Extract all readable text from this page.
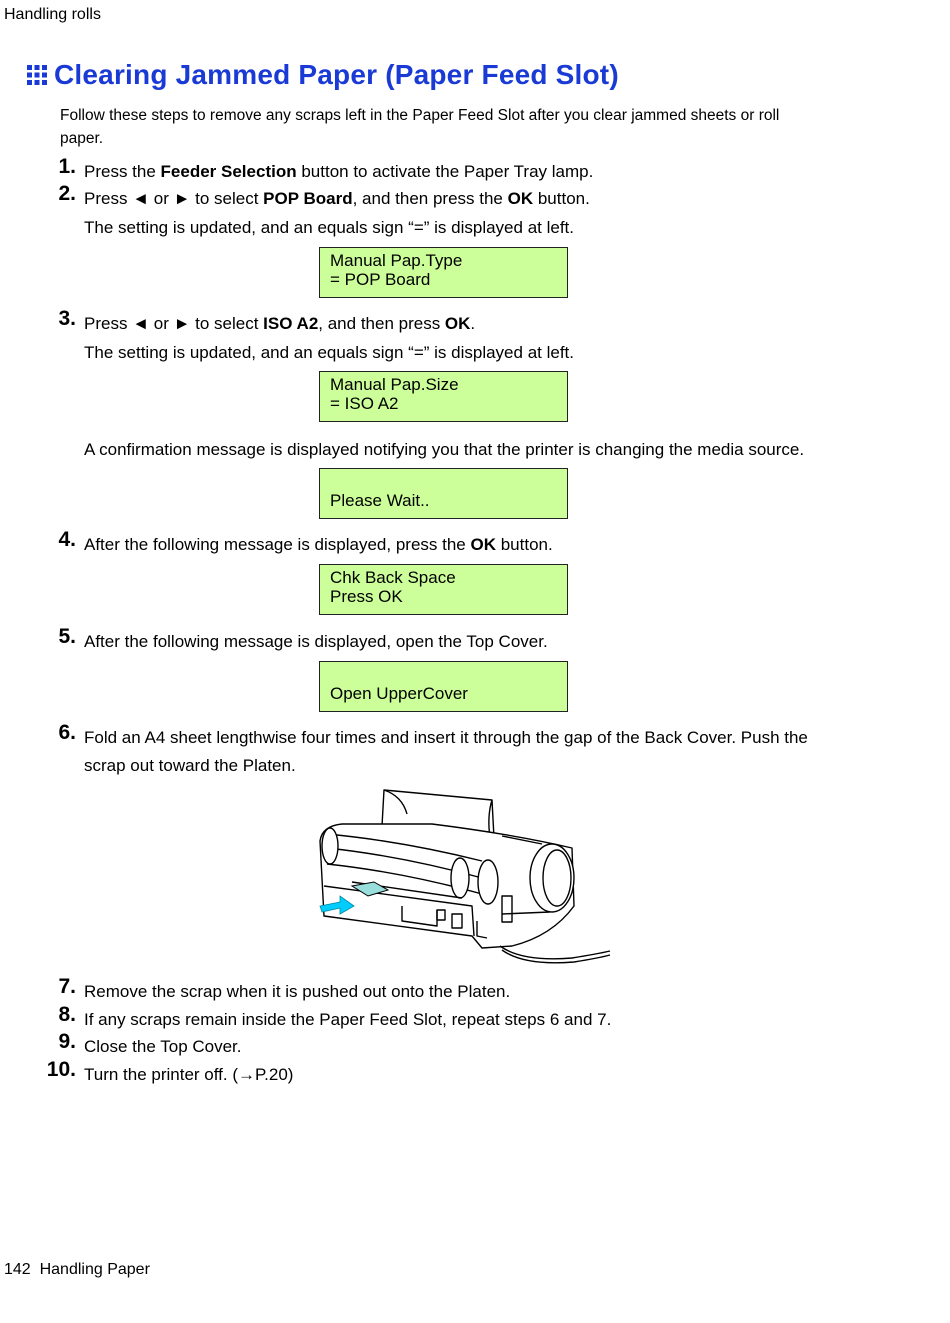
Handling rolls
Clearing Jammed Paper (Paper Feed Slot)
Follow these steps to remove any scraps left in the Paper Feed Slot after you clear jammed sheets or roll paper.
1. Press the Feeder Selection button to activate the Paper Tray lamp.
2. Press ◄ or ► to select POP Board, and then press the OK button.
The setting is updated, and an equals sign “=” is displayed at left.
Manual Pap.Type
= POP Board
3. Press ◄ or ► to select ISO A2, and then press OK.
The setting is updated, and an equals sign “=” is displayed at left.
Manual Pap.Size
= ISO A2
A confirmation message is displayed notifying you that the printer is changing the media source.
Please Wait..
4. After the following message is displayed, press the OK button.
Chk Back Space
Press OK
5. After the following message is displayed, open the Top Cover.
Open UpperCover
6. Fold an A4 sheet lengthwise four times and insert it through the gap of the Back Cover. Push the
scrap out toward the Platen.
7. Remove the scrap when it is pushed out onto the Platen.
8. If any scraps remain inside the Paper Feed Slot, repeat steps 6 and 7.
9. Close the Top Cover.
10. Turn the printer off. (→P.20)
142 Handling Paper
